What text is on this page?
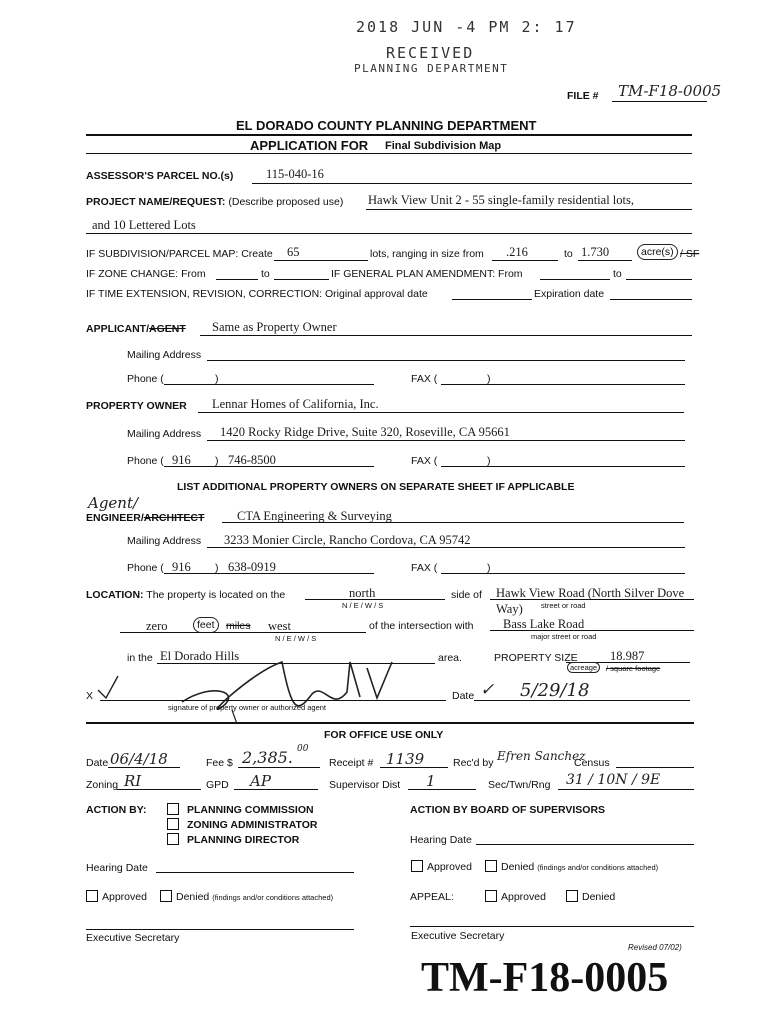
2018 JUN -4 PM 2: 17
RECEIVED
PLANNING DEPARTMENT
FILE # TM-F18-0005
EL DORADO COUNTY PLANNING DEPARTMENT
APPLICATION FOR Final Subdivision Map
ASSESSOR'S PARCEL NO.(s)	115-040-16
PROJECT NAME/REQUEST: (Describe proposed use) Hawk View Unit 2 - 55 single-family residential lots,
and 10 Lettered Lots
IF SUBDIVISION/PARCEL MAP: Create 65	lots, ranging in size from .216	to 1.730	acre(s) / SF
IF ZONE CHANGE: From	to	IF GENERAL PLAN AMENDMENT: From	to
IF TIME EXTENSION, REVISION, CORRECTION: Original approval date	Expiration date
APPLICANT/AGENT Same as Property Owner
Mailing Address
Phone (	)	FAX (	)
PROPERTY OWNER Lennar Homes of California, Inc.
Mailing Address 1420 Rocky Ridge Drive, Suite 320, Roseville, CA 95661
Phone ( 916 ) 746-8500	FAX (	)
LIST ADDITIONAL PROPERTY OWNERS ON SEPARATE SHEET IF APPLICABLE
Agent/
ENGINEER/ARCHITECT	CTA Engineering & Surveying
Mailing Address 3233 Monier Circle, Rancho Cordova, CA 95742
Phone ( 916 ) 638-0919	FAX (	)
LOCATION: The property is located on the	north
N / E / W / S
side of Hawk View Road (North Silver Dove
Way) street or road
zero	feet	miles west
N / E / W / S
of the intersection with Bass Lake Road
major street or road
in the El Dorado Hills	area.	PROPERTY SIZE	18.987
acreage	/ square footage
X
signature of property owner or authorized agent
Date ✓ 5/29/18
FOR OFFICE USE ONLY
Date 06/4/18	Fee $ 2,385. 00
Receipt # 1139	Rec'd by Efren Sanchez
Census
Zoning RI	GPD AP	Supervisor Dist 1	Sec/Twn/Rng 31 / 10N / 9E
ACTION BY:	PLANNING COMMISSION
ZONING ADMINISTRATOR
PLANNING DIRECTOR
ACTION BY BOARD OF SUPERVISORS
Hearing Date
Hearing Date	Approved	Denied (findings and/or conditions attached)
Approved	Denied (findings and/or conditions attached)	APPEAL:	Approved	Denied
Executive Secretary	Executive Secretary
Revised 07/02)
TM-F18-0005
